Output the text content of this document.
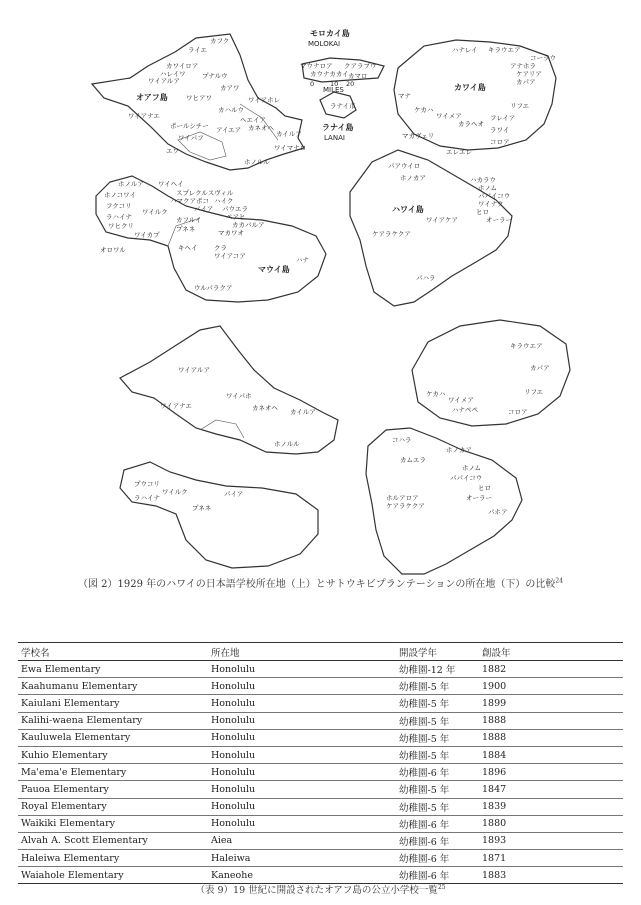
カフク
ライエ
カワイロア
ハレイワ
ワイアルア
プナルウ
カアワ
オアフ島	ワヒアワ
カハルウ
ワイアホレ
ワイアナエ	ヘエイア
ポールシチー アイエア カネオヘ
カイルア
ワイパフ
エワ	ワイマナロ
ホノルル
モロカイ島
MOLOKAI
マウナロア クアラプウ
カウナカカイ カマロ
MILES
0 10 20
ラナイ市
ラナイ島
LANAI
ハナレイ キラウエア
コーラウ
アナホラ
ケアリア
カパア
カワイ島
マナ
リフエ
ケカハ
ワイメア
カラヘオ
フレイア
ラワイ
マカヴェリ
コロア
エレエレ
ホノルア ワイヘイ
ホノコワイ	スプレクルスヴィル
ハマクアポコ ハイク
フクコリ	パイア パウエラ
ラハイナ
ワイルク
ペアヒ
ワヒクリ
カフルイ
カカバルア
ワイカプ
プネネ	マカワオ
オロワル	キヘイ	クラ
ワイアコア
マウイ島
ハナ
ウルパラクア
パアウイロ
ホノカア	ハカラウ
ホノム
パパイコウ
ワイナク
ヒロ
ハワイ島
ケアラケクア
オーラー
ワイアケア
パハラ
ワイアルア
ワイパホ
カネオヘ カイルア
ワイアナエ
ホノルル
キラウエア
カパア
ケカハ
ワイメア
ハナペペ
リフエ
コロア
プウコリ
ワイルク	パイア
ラハイナ
プネネ
コハラ
ホノカア
カムエラ
ホノム
パパイコウ
ヒロ
ホルアロア
ケアラケクア
オーラー
パホア
（図 2）1929 年のハワイの日本語学校所在地（上）とサトウキビプランテーションの所在地（下）の比較$^{24}$
学校名	所在地	開設学年	創設年
Ewa Elementary	Honolulu	幼稚園-12 年	1882
Kaahumanu Elementary	Honolulu	幼稚園-5 年	1900
Kaiulani Elementary	Honolulu	幼稚園-5 年	1899
Kalihi-waena Elementary	Honolulu	幼稚園-5 年	1888
Kauluwela Elementary	Honolulu	幼稚園-5 年	1888
Kuhio Elementary	Honolulu	幼稚園-5 年	1884
Ma'ema'e Elementary	Honolulu	幼稚園-6 年	1896
Pauoa Elementary	Honolulu	幼稚園-5 年	1847
Royal Elementary	Honolulu	幼稚園-5 年	1839
Waikiki Elementary	Honolulu	幼稚園-6 年	1880
Alvah A. Scott Elementary	Aiea	幼稚園-6 年	1893
Haleiwa Elementary	Haleiwa	幼稚園-6 年	1871
Waiahole Elementary	Kaneohe	幼稚園-6 年	1883
（表 9）19 世紀に開設されたオアフ島の公立小学校一覧$^{25}$
